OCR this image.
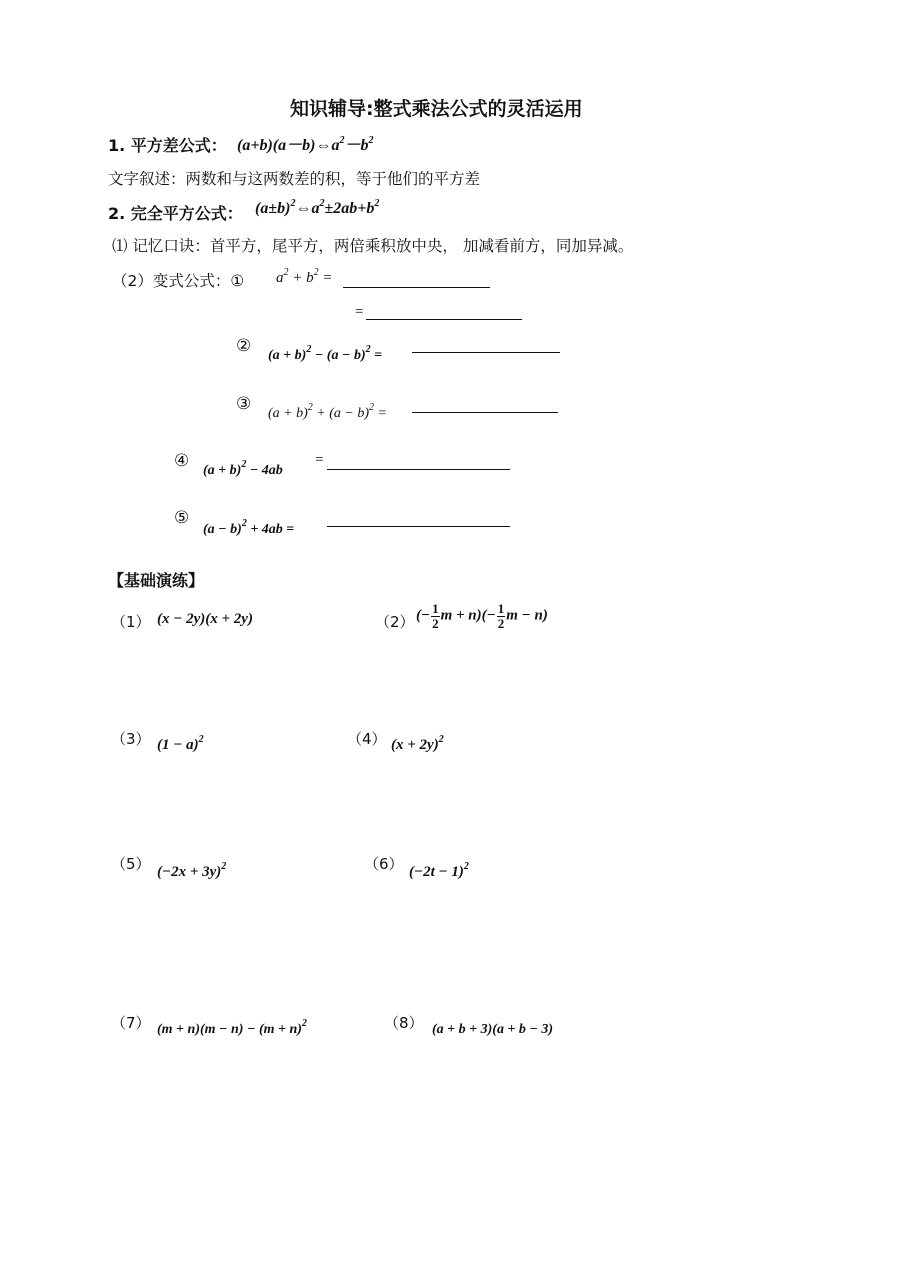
知识辅导:整式乘法公式的灵活运用
1. 平方差公式： $(a+b)(a-b)\Leftrightarrow a^2-b^2$
文字叙述：两数和与这两数差的积，等于他们的平方差
2. 完全平方公式： $(a\pm b)^2\Leftrightarrow a^2\pm 2ab+b^2$
⑴ 记忆口诀：首平方，尾平方，两倍乘积放中央， 加减看前方，同加异减。
（2）变式公式：① $a^2 + b^2$ =
=
② $(a + b)^2 - (a - b)^2$ =
③ $(a + b)^2 + (a - b)^2$ =
④ $(a + b)^2 - 4ab$
=
⑤
$(a - b)^2 + 4ab$ =
【基础演练】
（1） (x − 2y)(x + 2y)	（2） (− $\frac{1}{2}$ $m + n)(- \frac{1}{2}$ m − n)
（3） $(1 - a)^2$	（4） $(x + 2y)^2$
（5） $(-2x + 3y)^2$	（6） $(-2t - 1)^2$
（7） $(m + n)(m - n) - (m + n)^2$	（8） (a + b + 3)(a + b − 3)
